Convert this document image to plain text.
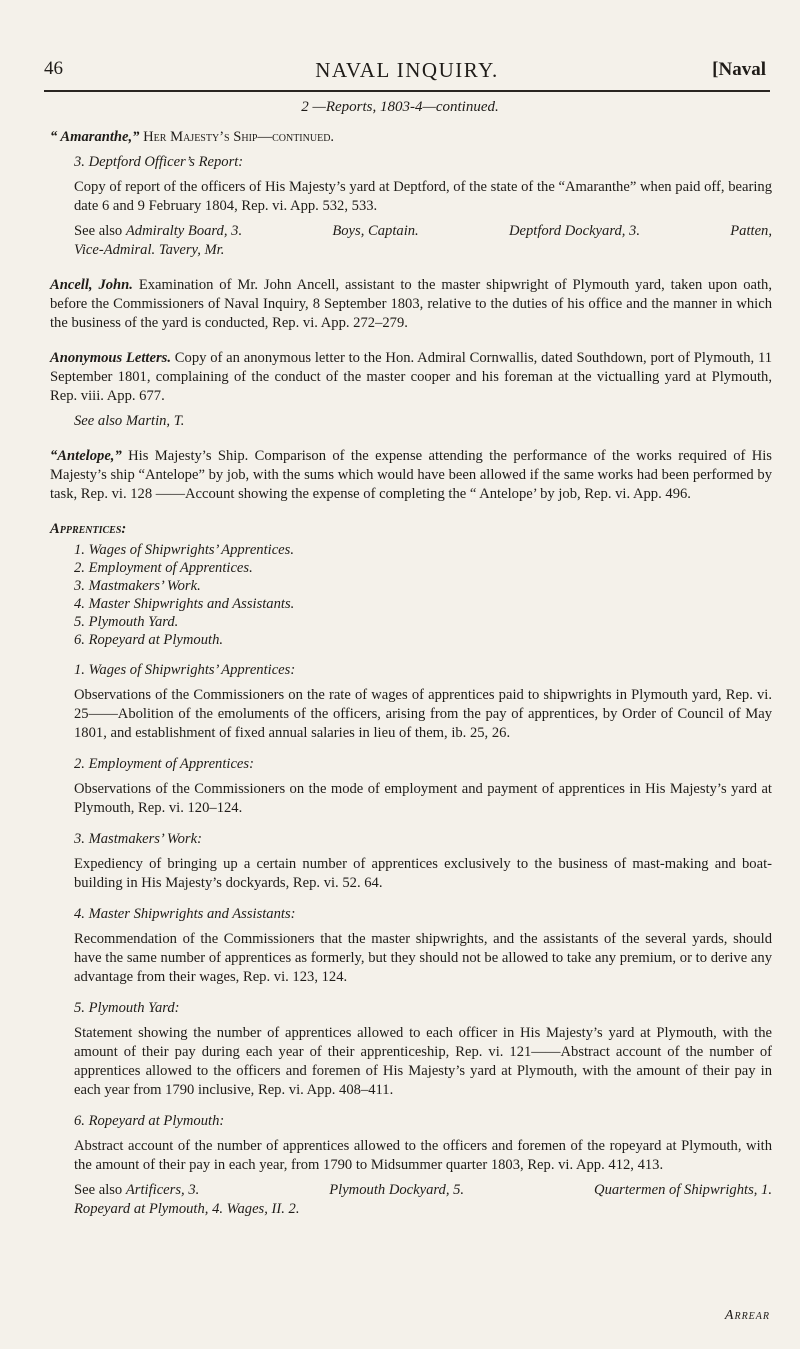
46	NAVAL INQUIRY.	[Naval
2 —Reports, 1803-4—continued.
“ Amaranthe,” Her Majesty’s Ship—continued.
3. Deptford Officer’s Report:
Copy of report of the officers of His Majesty’s yard at Deptford, of the state of the “Amaranthe” when paid off, bearing date 6 and 9 February 1804, Rep. vi. App. 532, 533.
See also Admiralty Board, 3.	Boys, Captain.	Deptford Dockyard, 3.	Patten,
Vice-Admiral. Tavery, Mr.
Ancell, John. Examination of Mr. John Ancell, assistant to the master shipwright of Plymouth yard, taken upon oath, before the Commissioners of Naval Inquiry, 8 September 1803, relative to the duties of his office and the manner in which the business of the yard is conducted, Rep. vi. App. 272–279.
Anonymous Letters. Copy of an anonymous letter to the Hon. Admiral Cornwallis, dated Southdown, port of Plymouth, 11 September 1801, complaining of the conduct of the master cooper and his foreman at the victualling yard at Plymouth, Rep. viii. App. 677.
See also Martin, T.
“Antelope,” His Majesty’s Ship. Comparison of the expense attending the performance of the works required of His Majesty’s ship “Antelope” by job, with the sums which would have been allowed if the same works had been performed by task, Rep. vi. 128 ——Account showing the expense of completing the “ Antelope’ by job, Rep. vi. App. 496.
Apprentices:
1. Wages of Shipwrights’ Apprentices.
2. Employment of Apprentices.
3. Mastmakers’ Work.
4. Master Shipwrights and Assistants.
5. Plymouth Yard.
6. Ropeyard at Plymouth.
1. Wages of Shipwrights’ Apprentices:
Observations of the Commissioners on the rate of wages of apprentices paid to shipwrights in Plymouth yard, Rep. vi. 25——Abolition of the emoluments of the officers, arising from the pay of apprentices, by Order of Council of May 1801, and establishment of fixed annual salaries in lieu of them, ib. 25, 26.
2. Employment of Apprentices:
Observations of the Commissioners on the mode of employment and payment of apprentices in His Majesty’s yard at Plymouth, Rep. vi. 120–124.
3. Mastmakers’ Work:
Expediency of bringing up a certain number of apprentices exclusively to the business of mast-making and boat-building in His Majesty’s dockyards, Rep. vi. 52. 64.
4. Master Shipwrights and Assistants:
Recommendation of the Commissioners that the master shipwrights, and the assistants of the several yards, should have the same number of apprentices as formerly, but they should not be allowed to take any premium, or to derive any advantage from their wages, Rep. vi. 123, 124.
5. Plymouth Yard:
Statement showing the number of apprentices allowed to each officer in His Majesty’s yard at Plymouth, with the amount of their pay during each year of their apprenticeship, Rep. vi. 121——Abstract account of the number of apprentices allowed to the officers and foremen of His Majesty’s yard at Plymouth, with the amount of their pay in each year from 1790 inclusive, Rep. vi. App. 408–411.
6. Ropeyard at Plymouth:
Abstract account of the number of apprentices allowed to the officers and foremen of the ropeyard at Plymouth, with the amount of their pay in each year, from 1790 to Midsummer quarter 1803, Rep. vi. App. 412, 413.
See also Artificers, 3.	Plymouth Dockyard, 5.	Quartermen of Shipwrights, 1.
Ropeyard at Plymouth, 4. Wages, II. 2.
Arrear
